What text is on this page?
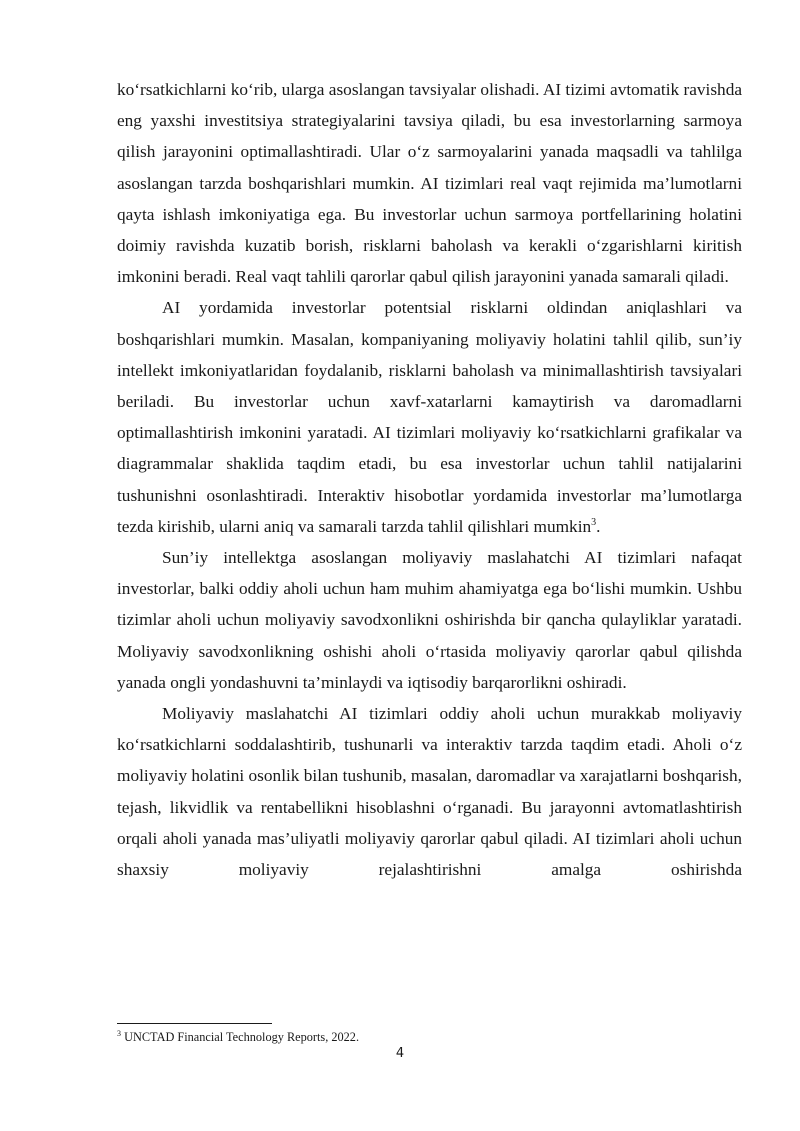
ko‘rsatkichlarni ko‘rib, ularga asoslangan tavsiyalar olishadi. AI tizimi avtomatik ravishda eng yaxshi investitsiya strategiyalarini tavsiya qiladi, bu esa investorlarning sarmoya qilish jarayonini optimallashtiradi. Ular o‘z sarmoyalarini yanada maqsadli va tahlilga asoslangan tarzda boshqarishlari mumkin. AI tizimlari real vaqt rejimida ma’lumotlarni qayta ishlash imkoniyatiga ega. Bu investorlar uchun sarmoya portfellarining holatini doimiy ravishda kuzatib borish, risklarni baholash va kerakli o‘zgarishlarni kiritish imkonini beradi. Real vaqt tahlili qarorlar qabul qilish jarayonini yanada samarali qiladi.

AI yordamida investorlar potentsial risklarni oldindan aniqlashlari va boshqarishlari mumkin. Masalan, kompaniyaning moliyaviy holatini tahlil qilib, sun’iy intellekt imkoniyatlaridan foydalanib, risklarni baholash va minimallashtirish tavsiyalari beriladi. Bu investorlar uchun xavf-xatarlarni kamaytirish va daromadlarni optimallashtirish imkonini yaratadi. AI tizimlari moliyaviy ko‘rsatkichlarni grafikalar va diagrammalar shaklida taqdim etadi, bu esa investorlar uchun tahlil natijalarini tushunishni osonlashtiradi. Interaktiv hisobotlar yordamida investorlar ma’lumotlarga tezda kirishib, ularni aniq va samarali tarzda tahlil qilishlari mumkin$^3$.

Sun’iy intellektga asoslangan moliyaviy maslahatchi AI tizimlari nafaqat investorlar, balki oddiy aholi uchun ham muhim ahamiyatga ega bo‘lishi mumkin. Ushbu tizimlar aholi uchun moliyaviy savodxonlikni oshirishda bir qancha qulayliklar yaratadi. Moliyaviy savodxonlikning oshishi aholi o‘rtasida moliyaviy qarorlar qabul qilishda yanada ongli yondashuvni ta’minlaydi va iqtisodiy barqarorlikni oshiradi.

Moliyaviy maslahatchi AI tizimlari oddiy aholi uchun murakkab moliyaviy ko‘rsatkichlarni soddalashtirib, tushunarli va interaktiv tarzda taqdim etadi. Aholi o‘z moliyaviy holatini osonlik bilan tushunib, masalan, daromadlar va xarajatlarni boshqarish, tejash, likvidlik va rentabellikni hisoblashni o‘rganadi. Bu jarayonni avtomatlashtirish orqali aholi yanada mas’uliyatli moliyaviy qarorlar qabul qiladi. AI tizimlari aholi uchun shaxsiy moliyaviy rejalashtirishni amalga oshirishda

$^3$ UNCTAD Financial Technology Reports, 2022.
4
